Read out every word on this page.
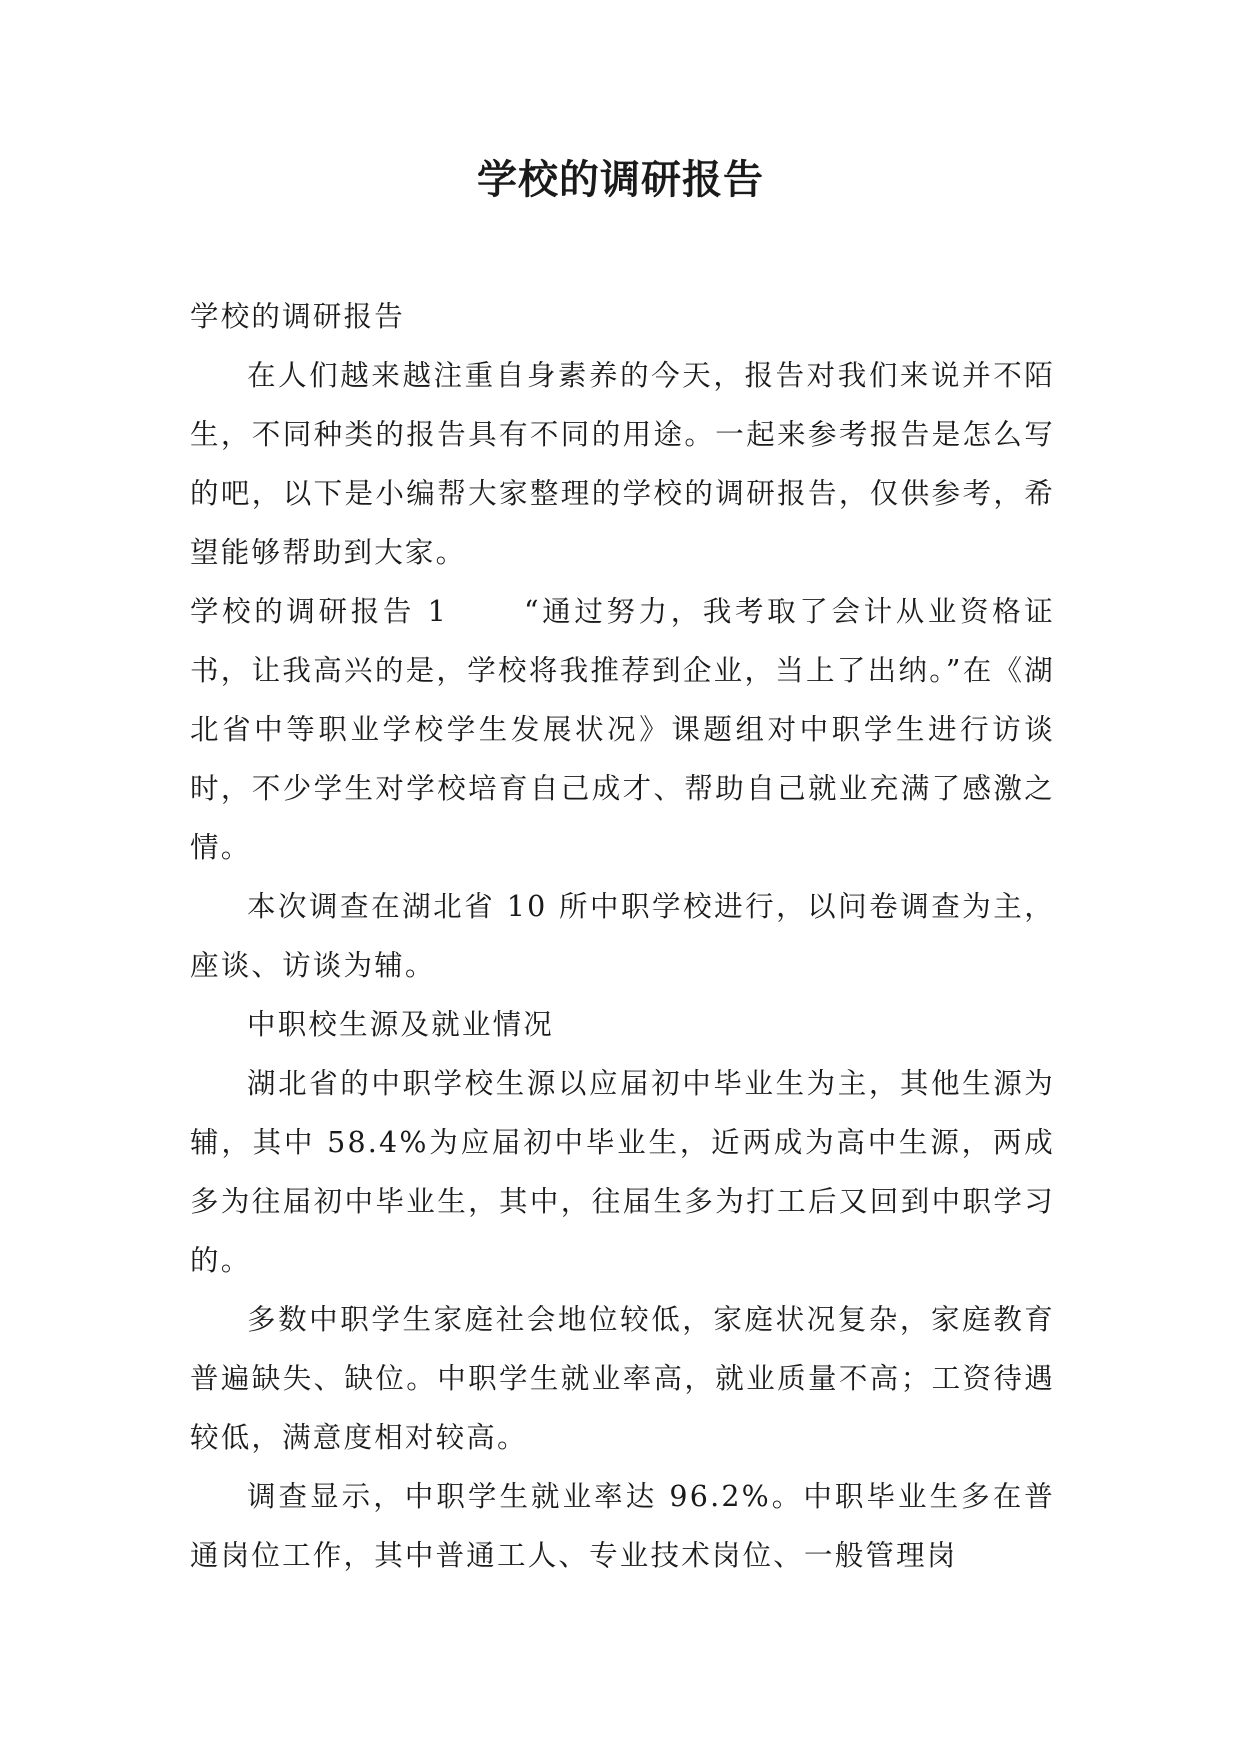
学校的调研报告

学校的调研报告

在人们越来越注重自身素养的今天，报告对我们来说并不陌生，不同种类的报告具有不同的用途。一起来参考报告是怎么写的吧，以下是小编帮大家整理的学校的调研报告，仅供参考，希望能够帮助到大家。

学校的调研报告 1	“通过努力，我考取了会计从业资格证书，让我高兴的是，学校将我推荐到企业，当上了出纳。”在《湖北省中等职业学校学生发展状况》课题组对中职学生进行访谈时，不少学生对学校培育自己成才、帮助自己就业充满了感激之情。

本次调查在湖北省 10 所中职学校进行，以问卷调查为主，座谈、访谈为辅。

中职校生源及就业情况

湖北省的中职学校生源以应届初中毕业生为主，其他生源为辅，其中 58.4%为应届初中毕业生，近两成为高中生源，两成多为往届初中毕业生，其中，往届生多为打工后又回到中职学习的。

多数中职学生家庭社会地位较低，家庭状况复杂，家庭教育普遍缺失、缺位。中职学生就业率高，就业质量不高；工资待遇较低，满意度相对较高。

调查显示，中职学生就业率达 96.2%。中职毕业生多在普通岗位工作，其中普通工人、专业技术岗位、一般管理岗
